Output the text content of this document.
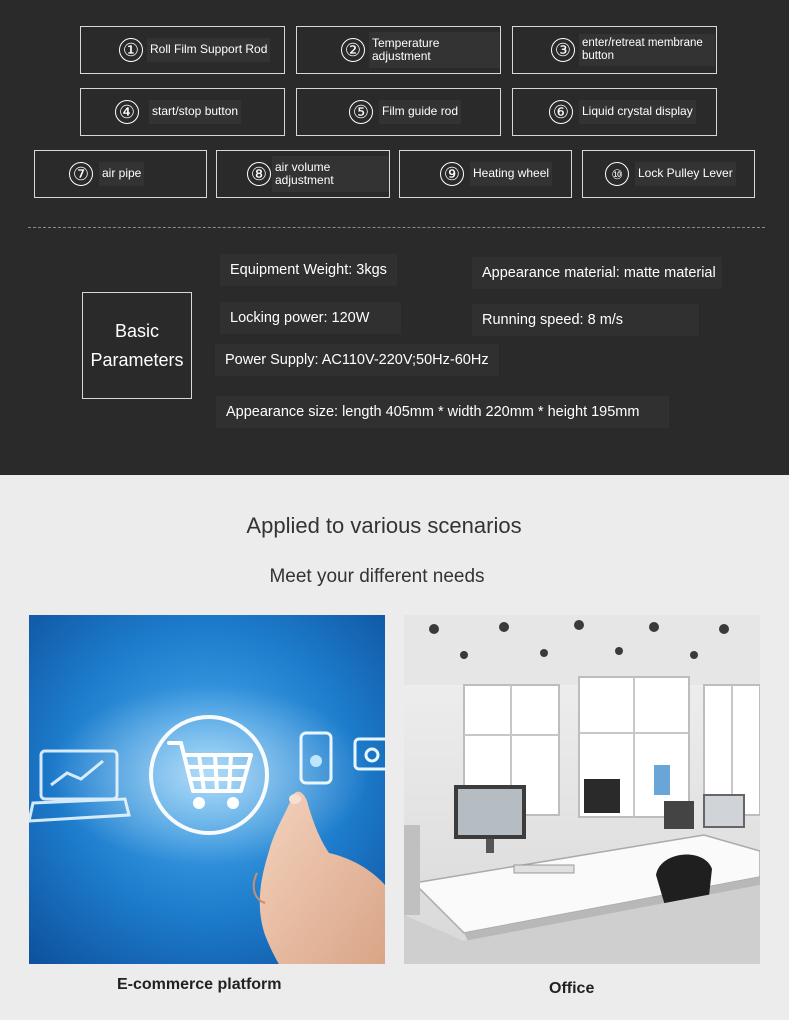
① Roll Film Support Rod	② Temperature adjustment	③ enter/retreat membrane button
④	start/stop button	⑤	Film guide rod	⑥	Liquid crystal display
⑦	air pipe	⑧ air volume adjustment	⑨	Heating wheel	⑩	Lock Pulley Lever
Basic
Parameters
Equipment Weight: 3kgs	Appearance material: matte material
Locking power: 120W	Running speed: 8 m/s
Power Supply: AC110V-220V;50Hz-60Hz
Appearance size: length 405mm * width 220mm * height 195mm
Applied to various scenarios
Meet your different needs
E-commerce platform	Office
